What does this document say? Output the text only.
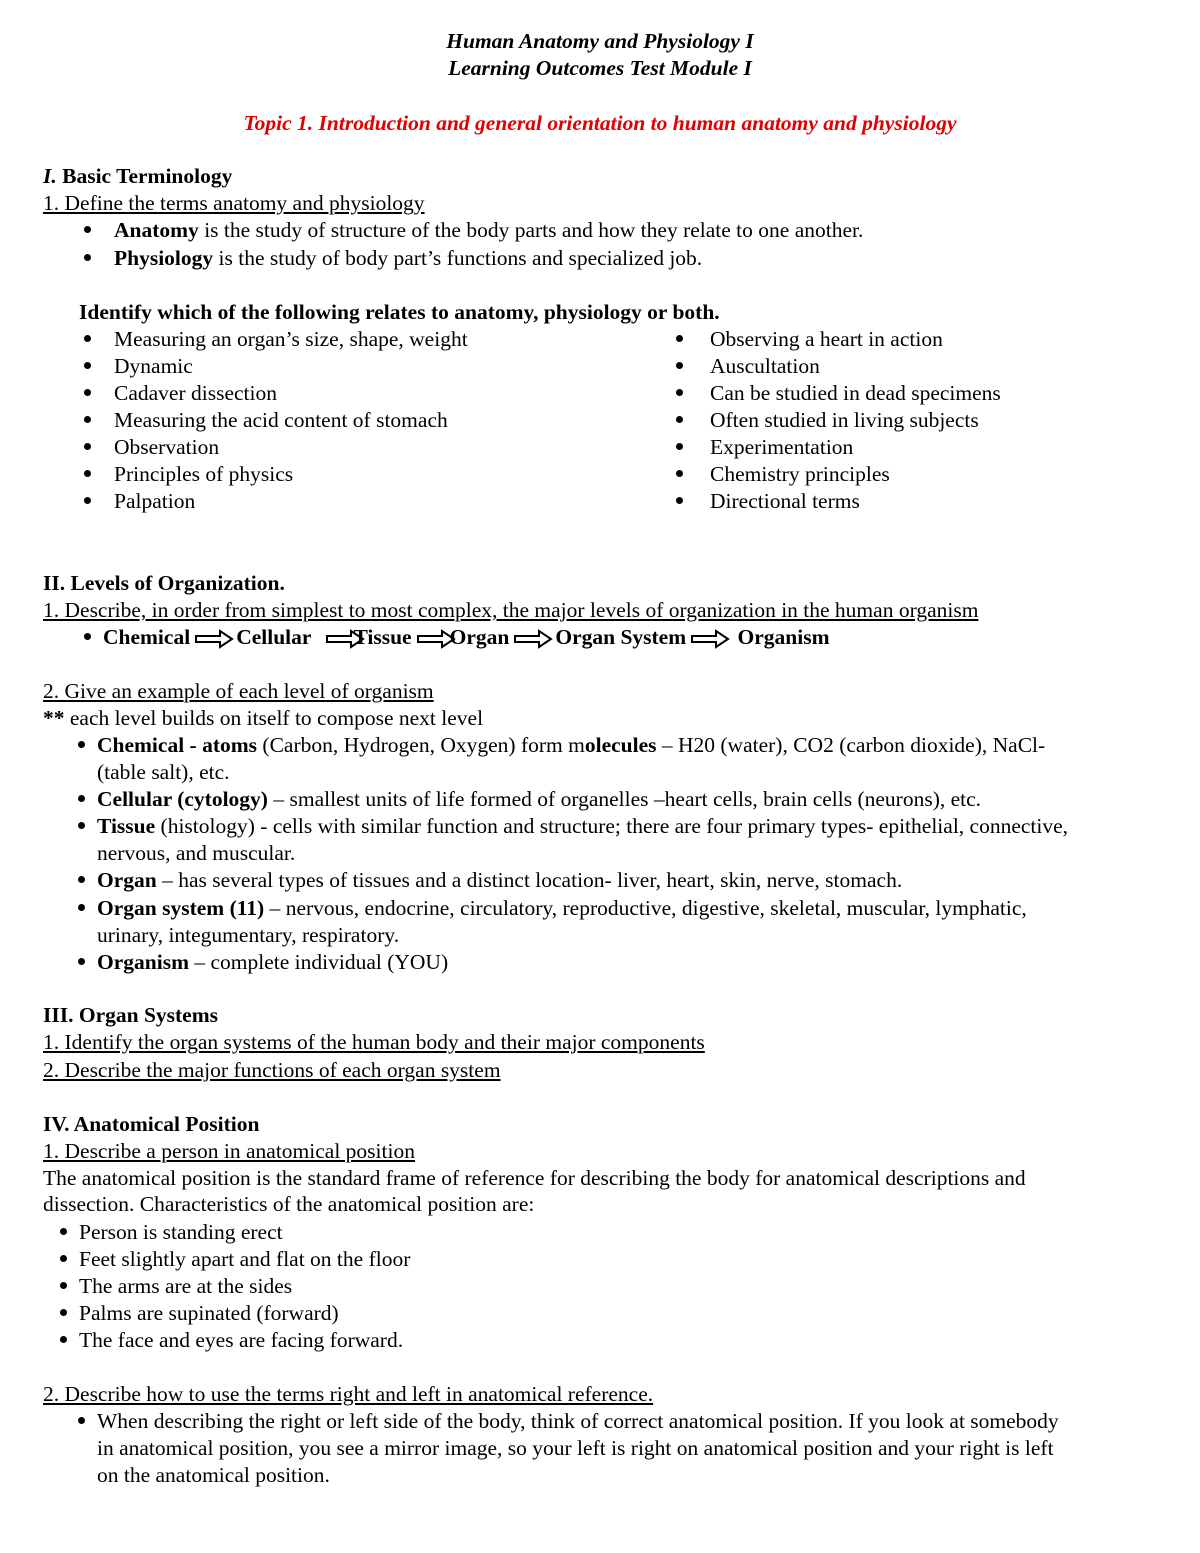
Human Anatomy and Physiology I
Learning Outcomes Test Module I
Topic 1. Introduction and general orientation to human anatomy and physiology
I. Basic Terminology
1. Define the terms anatomy and physiology
Anatomy is the study of structure of the body parts and how they relate to one another.
Physiology is the study of body part’s functions and specialized job.
Identify which of the following relates to anatomy, physiology or both.
Measuring an organ’s size, shape, weight
Dynamic
Cadaver dissection
Measuring the acid content of stomach
Observation
Principles of physics
Palpation
Observing a heart in action
Auscultation
Can be studied in dead specimens
Often studied in living subjects
Experimentation
Chemistry principles
Directional terms
II. Levels of Organization.
1. Describe, in order from simplest to most complex, the major levels of organization in the human organism
Chemical Cellular Tissue Organ Organ System Organism
2. Give an example of each level of organism
** each level builds on itself to compose next level
Chemical - atoms (Carbon, Hydrogen, Oxygen) form molecules – H20 (water), CO2 (carbon dioxide), NaCl-
(table salt), etc.
Cellular (cytology) – smallest units of life formed of organelles –heart cells, brain cells (neurons), etc.
Tissue (histology) - cells with similar function and structure; there are four primary types- epithelial, connective,
nervous, and muscular.
Organ – has several types of tissues and a distinct location- liver, heart, skin, nerve, stomach.
Organ system (11) – nervous, endocrine, circulatory, reproductive, digestive, skeletal, muscular, lymphatic,
urinary, integumentary, respiratory.
Organism – complete individual (YOU)
III. Organ Systems
1. Identify the organ systems of the human body and their major components
2. Describe the major functions of each organ system
IV. Anatomical Position
1. Describe a person in anatomical position
The anatomical position is the standard frame of reference for describing the body for anatomical descriptions and
dissection. Characteristics of the anatomical position are:
Person is standing erect
Feet slightly apart and flat on the floor
The arms are at the sides
Palms are supinated (forward)
The face and eyes are facing forward.
2. Describe how to use the terms right and left in anatomical reference.
When describing the right or left side of the body, think of correct anatomical position. If you look at somebody
in anatomical position, you see a mirror image, so your left is right on anatomical position and your right is left
on the anatomical position.
